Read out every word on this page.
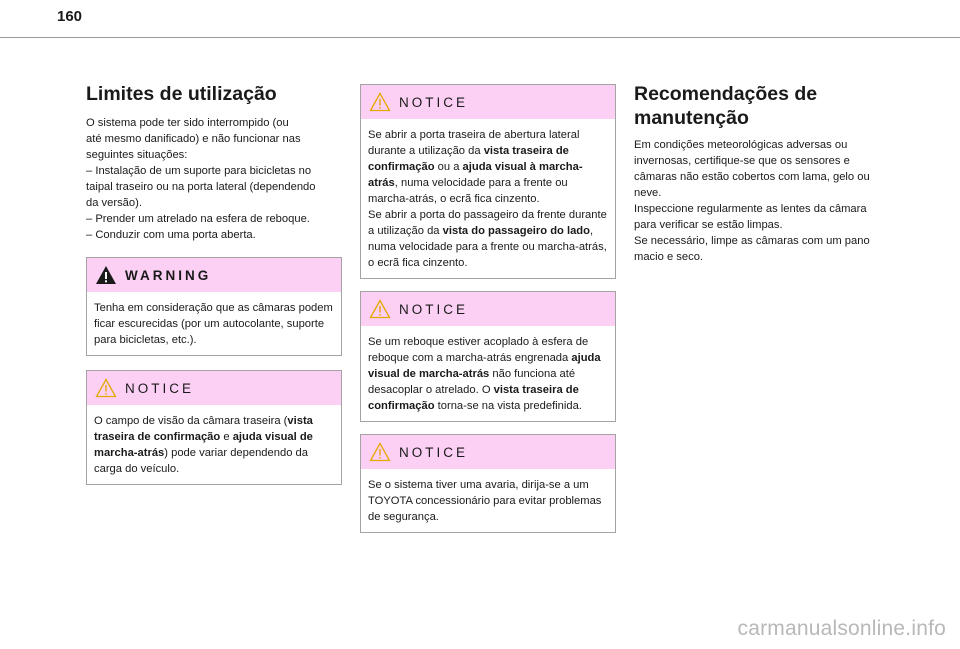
160
Limites de utilização

O sistema pode ter sido interrompido (ou
até mesmo danificado) e não funcionar nas
seguintes situações:
– Instalação de um suporte para bicicletas no
taipal traseiro ou na porta lateral (dependendo
da versão).
– Prender um atrelado na esfera de reboque.
– Conduzir com uma porta aberta.

WARNING
Tenha em consideração que as câmaras podem ficar escurecidas (por um autocolante, suporte para bicicletas, etc.).
NOTICE
O campo de visão da câmara traseira (vista traseira de confirmação e ajuda visual de marcha-atrás) pode variar dependendo da carga do veículo.
NOTICE
Se abrir a porta traseira de abertura lateral durante a utilização da vista traseira de confirmação ou a ajuda visual à marcha-atrás, numa velocidade para a frente ou marcha-atrás, o ecrã fica cinzento.
Se abrir a porta do passageiro da frente durante a utilização da vista do passageiro do lado, numa velocidade para a frente ou marcha-atrás, o ecrã fica cinzento.
NOTICE
Se um reboque estiver acoplado à esfera de reboque com a marcha-atrás engrenada ajuda visual de marcha-atrás não funciona até desacoplar o atrelado. O vista traseira de confirmação torna-se na vista predefinida.
NOTICE
Se o sistema tiver uma avaria, dirija-se a um TOYOTA concessionário para evitar problemas de segurança.
Recomendações de manutenção

Em condições meteorológicas adversas ou
invernosas, certifique-se que os sensores e
câmaras não estão cobertos com lama, gelo ou
neve.
Inspeccione regularmente as lentes da câmara
para verificar se estão limpas.
Se necessário, limpe as câmaras com um pano
macio e seco.

carmanualsonline.info
